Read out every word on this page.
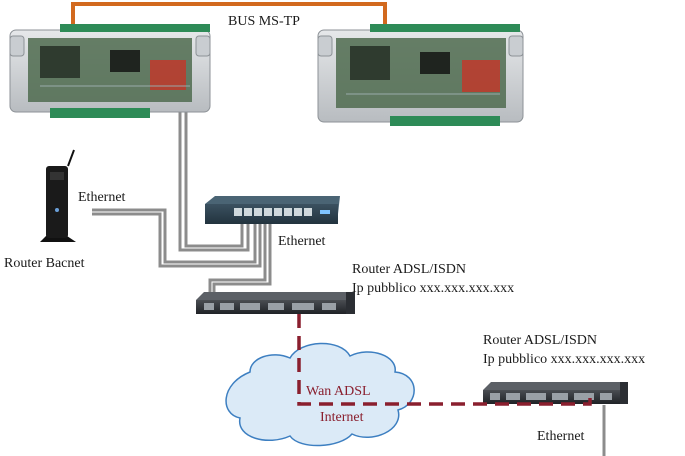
BUS MS-TP
Ethernet
Router Bacnet
Ethernet
Router ADSL/ISDN
Ip pubblico xxx.xxx.xxx.xxx
Router ADSL/ISDN
Ip pubblico xxx.xxx.xxx.xxx
Wan ADSL
Internet
Ethernet
